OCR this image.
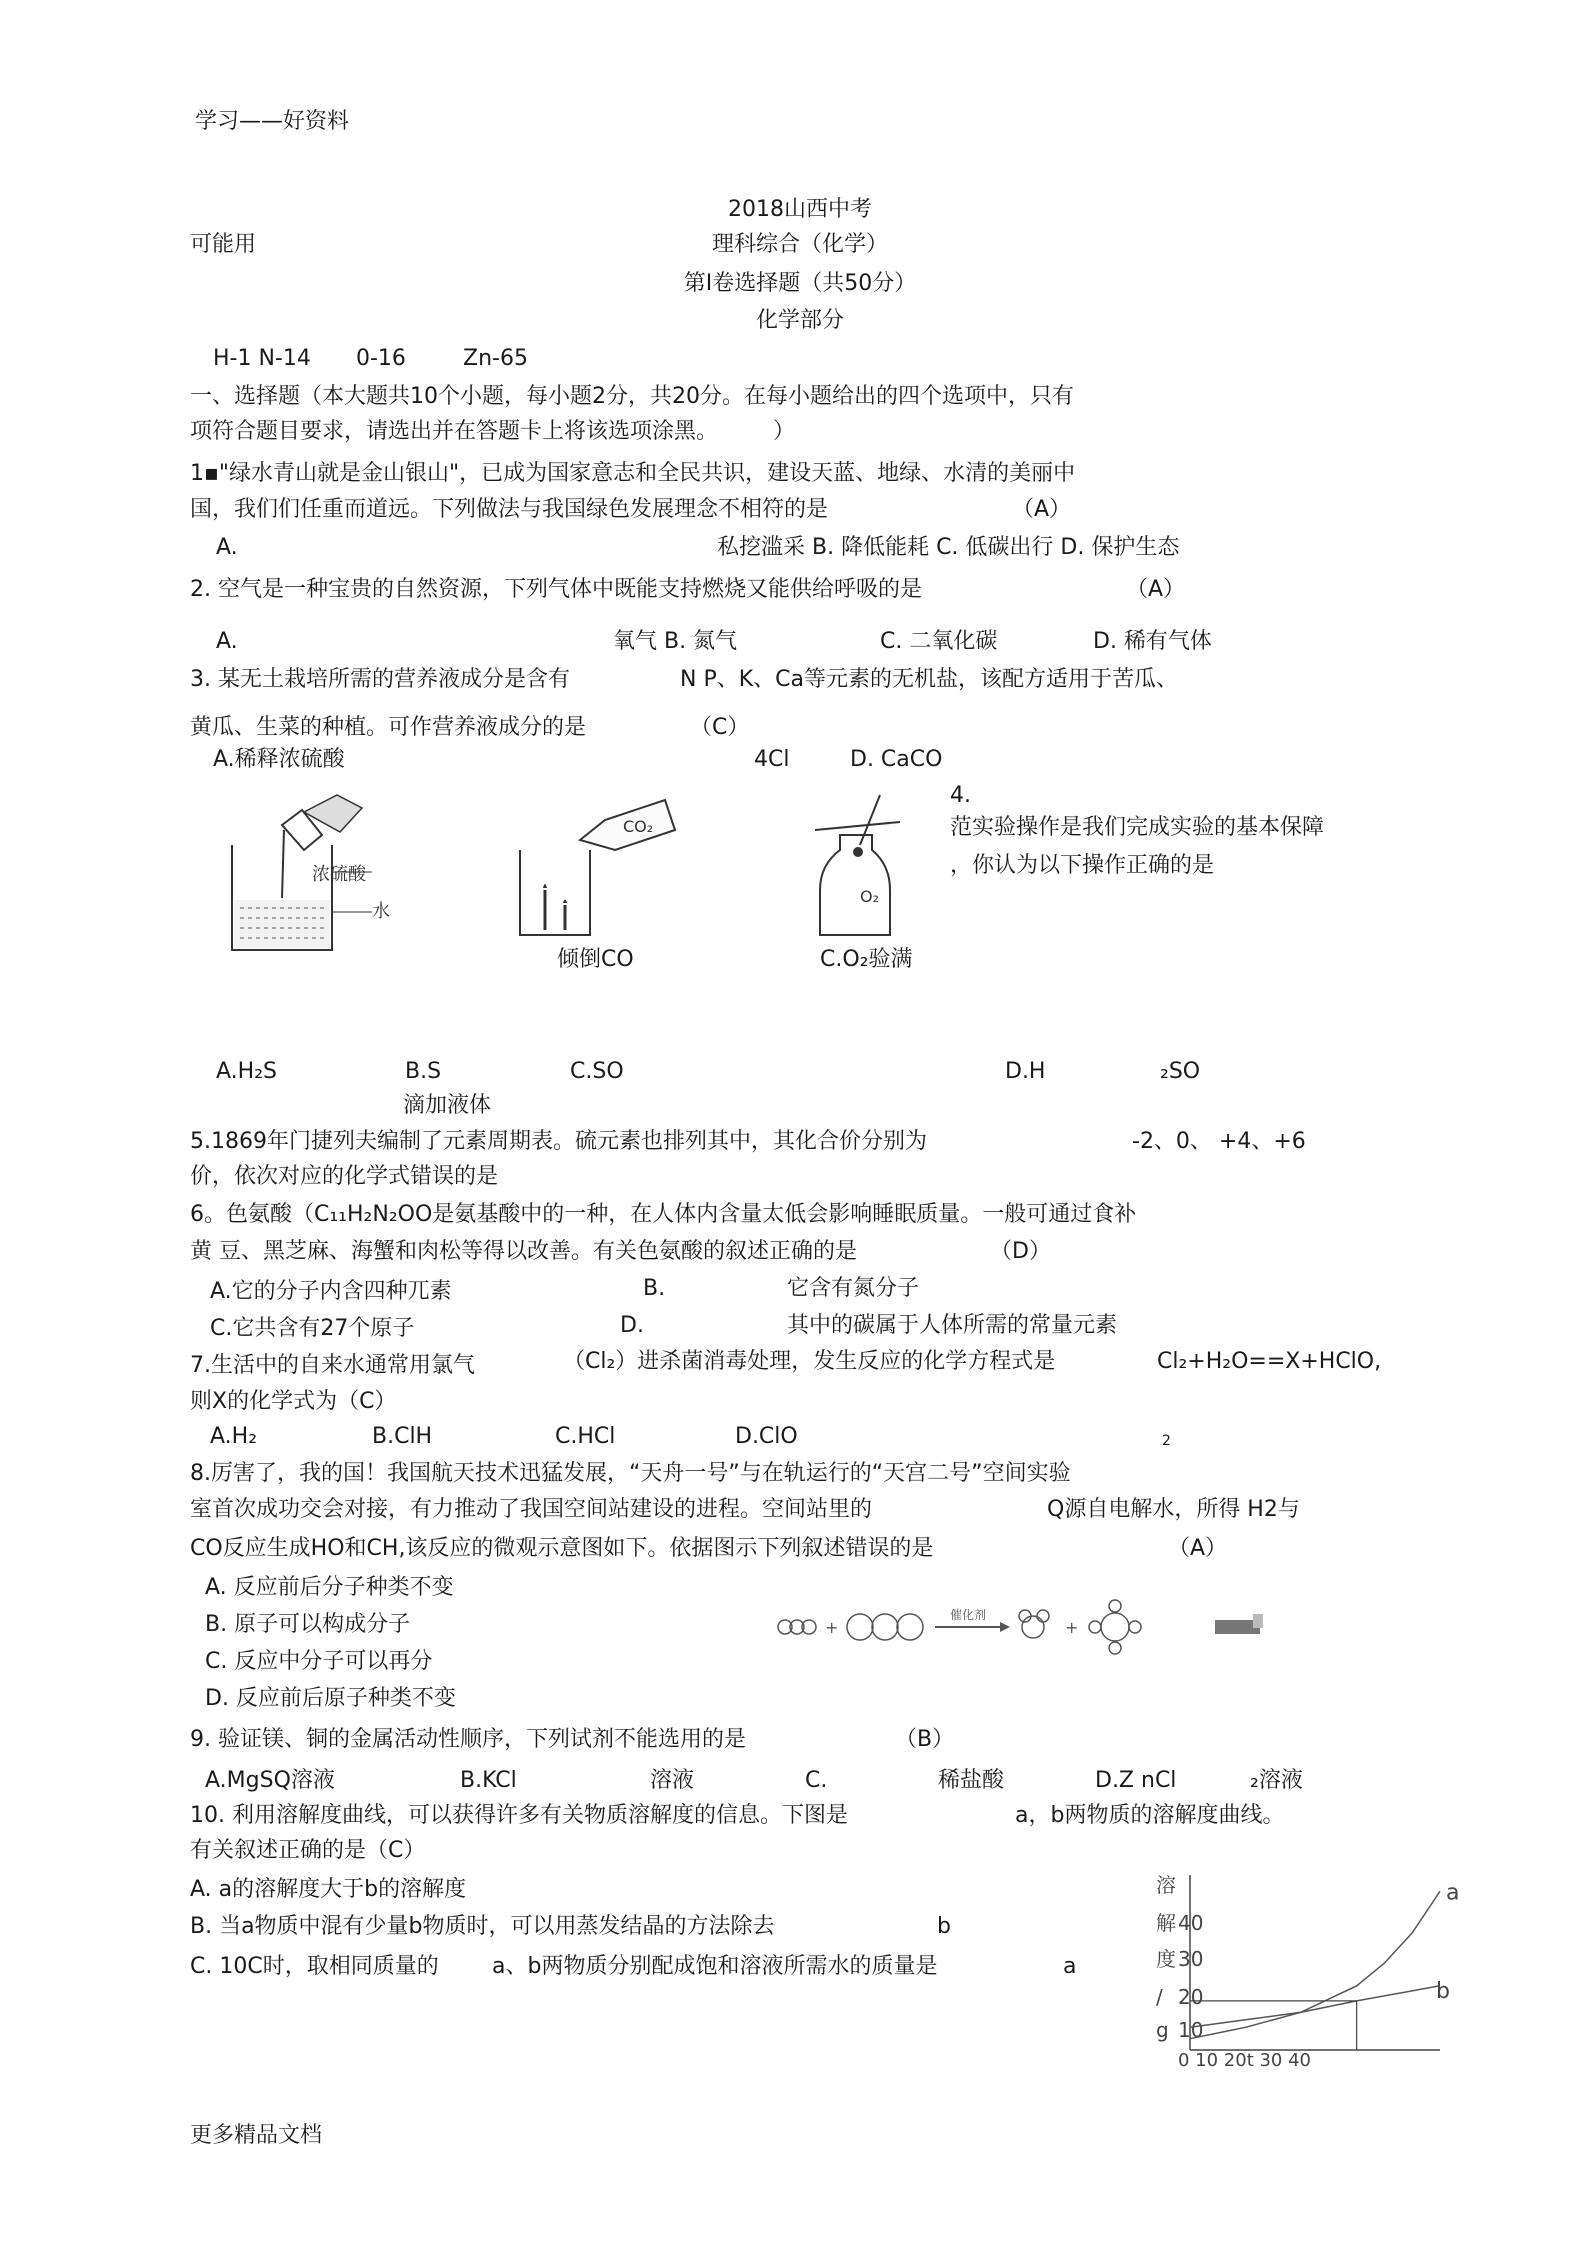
学习——好资料
2018山西中考
可能用	理科综合（化学）
第Ⅰ卷选择题（共50分）
化学部分
H-1 N-14 0-16	Zn-65
一、选择题（本大题共10个小题，每小题2分，共20分。在每小题给出的四个选项中，只有
项符合题目要求，请选出并在答题卡上将该选项涂黑。　　　）
1▪"绿水青山就是金山银山"，已成为国家意志和全民共识，建设天蓝、地绿、水清的美丽中
国，我们们任重而道远。下列做法与我国绿色发展理念不相符的是	（A）
A.	私挖滥采 B. 降低能耗 C. 低碳出行 D. 保护生态
2. 空气是一种宝贵的自然资源，下列气体中既能支持燃烧又能供给呼吸的是	（A）
A.	氧气 B. 氮气	C. 二氧化碳	D. 稀有气体
3. 某无土栽培所需的营养液成分是含有	N P、K、Ca等元素的无机盐，该配方适用于苦瓜、
黄瓜、生菜的种植。可作营养液成分的是	（C）
A.稀释浓硫酸	4Cl	D. CaCO
4.
范实验操作是我们完成实验的基本保障
，你认为以下操作正确的是
浓硫酸
水
CO₂
倾倒CO
O₂
C.O₂验满
A.H₂S	B.S	C.SO	D.H	₂SO
滴加液体
5.1869年门捷列夫编制了元素周期表。硫元素也排列其中，其化合价分别为	-2、0、 +4、+6
价，依次对应的化学式错误的是
6。色氨酸（C₁₁H₂N₂OO是氨基酸中的一种，在人体内含量太低会影响睡眠质量。一般可通过食补
黄 豆、黑芝麻、海蟹和肉松等得以改善。有关色氨酸的叙述正确的是	（D）
A.它的分子内含四种兀素	B.	它含有氮分子
C.它共含有27个原子	D.	其中的碳属于人体所需的常量元素
7.生活中的自来水通常用氯气	（Cl₂）进杀菌消毒处理，发生反应的化学方程式是	Cl₂+H₂O==X+HClO,
则X的化学式为（C）
A.H₂	B.ClH	C.HCl	D.ClO	2
8.厉害了，我的国！我国航天技术迅猛发展，“天舟一号”与在轨运行的“天宫二号”空间实验
室首次成功交会对接，有力推动了我国空间站建设的进程。空间站里的	Q源自电解水，所得 H2与
CO反应生成HO和CH,该反应的微观示意图如下。依据图示下列叙述错误的是	（A）
A. 反应前后分子种类不变
B. 原子可以构成分子
C. 反应中分子可以再分
D. 反应前后原子种类不变
+
催化剂
+
9. 验证镁、铜的金属活动性顺序，下列试剂不能选用的是	（B）
A.MgSQ溶液	B.KCl	溶液	C.	稀盐酸	D.Z nCl	₂溶液
10. 利用溶解度曲线，可以获得许多有关物质溶解度的信息。下图是	a，b两物质的溶解度曲线。
有关叙述正确的是（C）
A. a的溶解度大于b的溶解度
B. 当a物质中混有少量b物质时，可以用蒸发结晶的方法除去	b
C. 10C时，取相同质量的 a、b两物质分别配成饱和溶液所需水的质量是	a
溶
解
度
/
g
40
30
20
10
0 10 20t 30 40
a
b
更多精品文档
